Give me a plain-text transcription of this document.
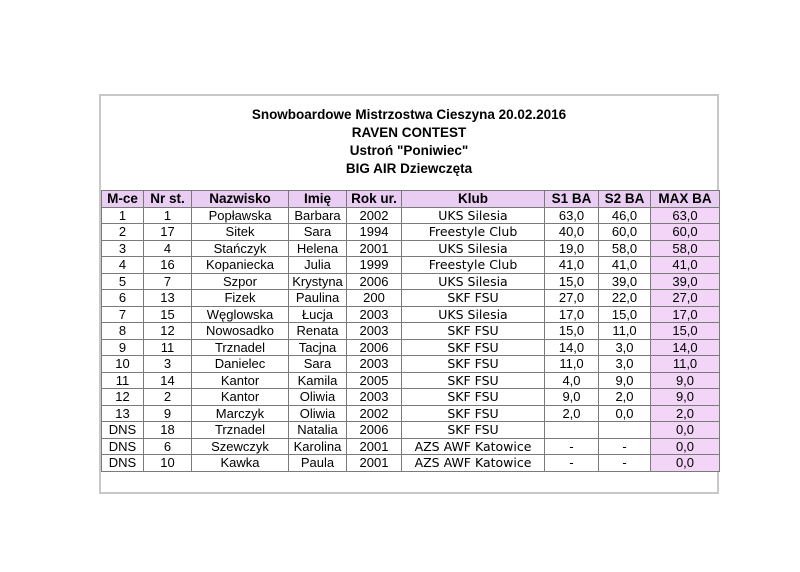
Snowboardowe Mistrzostwa Cieszyna 20.02.2016
RAVEN CONTEST
Ustroń "Poniwiec"
BIG AIR Dziewczęta
M-ce	Nr st.	Nazwisko	Imię	Rok ur.	Klub	S1 BA	S2 BA	MAX BA
1	1	Popławska	Barbara	2002	UKS Silesia	63,0	46,0	63,0
2	17	Sitek	Sara	1994	Freestyle Club	40,0	60,0	60,0
3	4	Stańczyk	Helena	2001	UKS Silesia	19,0	58,0	58,0
4	16	Kopaniecka	Julia	1999	Freestyle Club	41,0	41,0	41,0
5	7	Szpor	Krystyna	2006	UKS Silesia	15,0	39,0	39,0
6	13	Fizek	Paulina	200	SKF FSU	27,0	22,0	27,0
7	15	Węglowska	Łucja	2003	UKS Silesia	17,0	15,0	17,0
8	12	Nowosadko	Renata	2003	SKF FSU	15,0	11,0	15,0
9	11	Trznadel	Tacjna	2006	SKF FSU	14,0	3,0	14,0
10	3	Danielec	Sara	2003	SKF FSU	11,0	3,0	11,0
11	14	Kantor	Kamila	2005	SKF FSU	4,0	9,0	9,0
12	2	Kantor	Oliwia	2003	SKF FSU	9,0	2,0	9,0
13	9	Marczyk	Oliwia	2002	SKF FSU	2,0	0,0	2,0
DNS	18	Trznadel	Natalia	2006	SKF FSU			0,0
DNS	6	Szewczyk	Karolina	2001	AZS AWF Katowice	-	-	0,0
DNS	10	Kawka	Paula	2001	AZS AWF Katowice	-	-	0,0
